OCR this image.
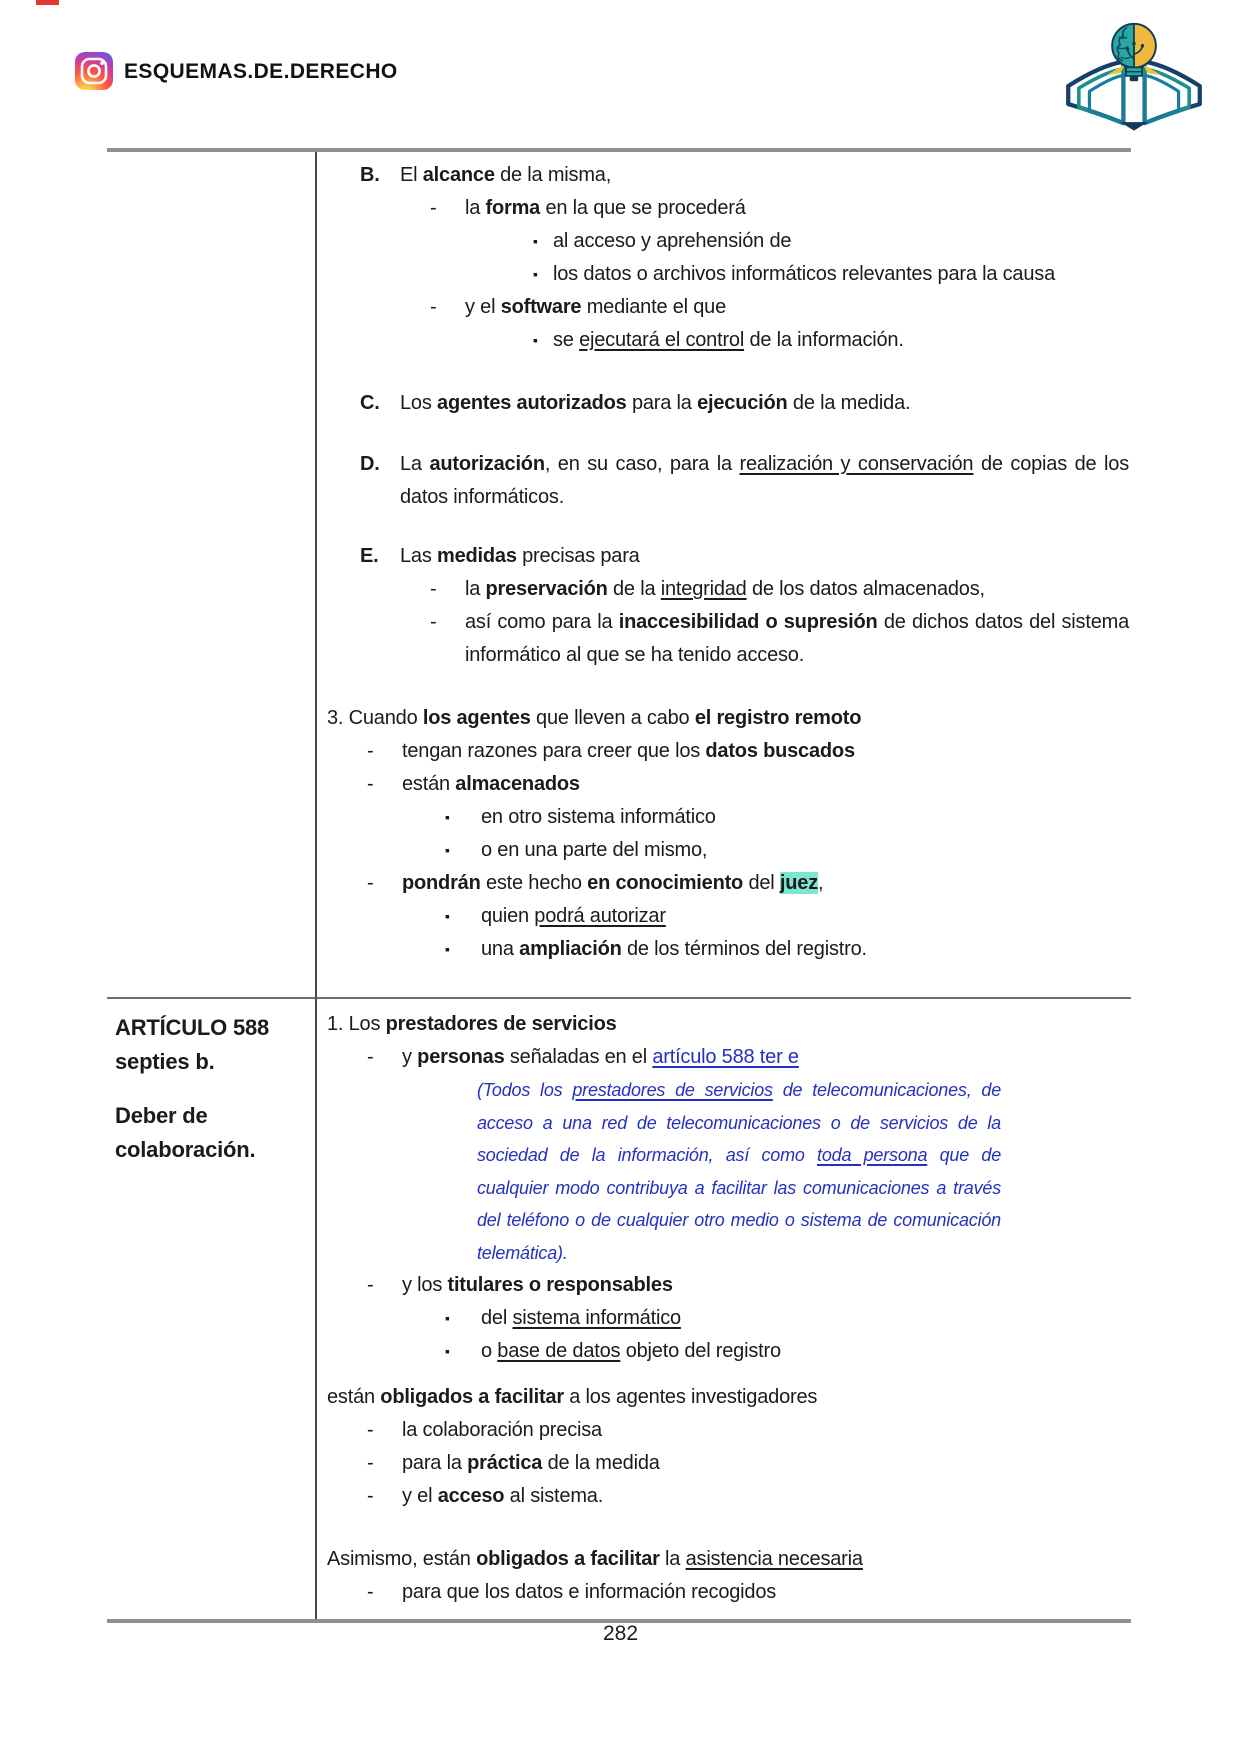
ESQUEMAS.DE.DERECHO
B.	El alcance de la misma,
-	la forma en la que se procederá
▪ al acceso y aprehensión de
▪ los datos o archivos informáticos relevantes para la causa
-	y el software mediante el que
▪ se ejecutará el control de la información.
C.	Los agentes autorizados para la ejecución de la medida.
D.	La autorización, en su caso, para la realización y conservación de copias de los datos informáticos.
E.	Las medidas precisas para
-	la preservación de la integridad de los datos almacenados,
-	así como para la inaccesibilidad o supresión de dichos datos del sistema informático al que se ha tenido acceso.
3. Cuando los agentes que lleven a cabo el registro remoto
-	tengan razones para creer que los datos buscados
-	están almacenados
▪	en otro sistema informático
▪	o en una parte del mismo,
-	pondrán este hecho en conocimiento del juez,
▪	quien podrá autorizar
▪	una ampliación de los términos del registro.
ARTÍCULO 588
septies b.
Deber de
colaboración.
1. Los prestadores de servicios
-	y personas señaladas en el artículo 588 ter e
(Todos los prestadores de servicios de telecomunicaciones, de acceso a una red de telecomunicaciones o de servicios de la sociedad de la información, así como toda persona que de cualquier modo contribuya a facilitar las comunicaciones a través del teléfono o de cualquier otro medio o sistema de comunicación telemática).
-	y los titulares o responsables
▪	del sistema informático
▪	o base de datos objeto del registro
están obligados a facilitar a los agentes investigadores
-	la colaboración precisa
-	para la práctica de la medida
-	y el acceso al sistema.
Asimismo, están obligados a facilitar la asistencia necesaria
-	para que los datos e información recogidos
282
